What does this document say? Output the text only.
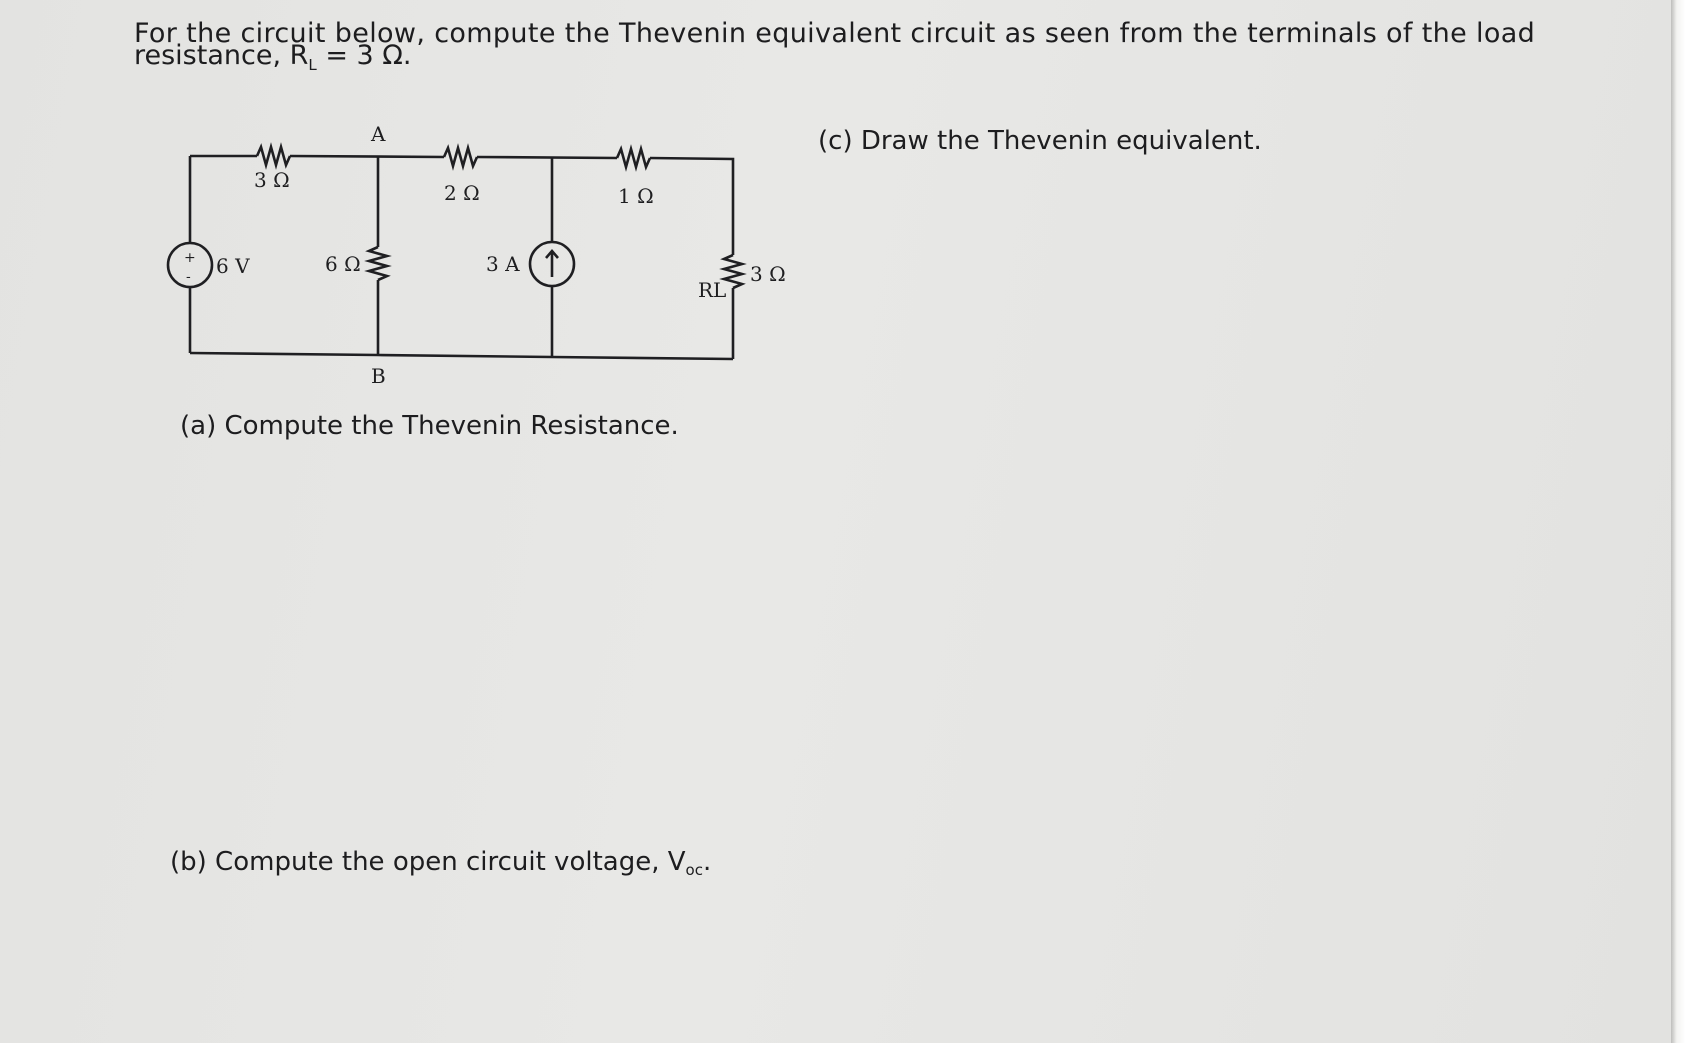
For the circuit below, compute the Thevenin equivalent circuit as seen from the terminals of the load
resistance, $R_L = 3$ Ω.
(c) Draw the Thevenin equivalent.
(a) Compute the Thevenin Resistance.
(b) Compute the open circuit voltage, $V_{oc}$.
+
-
A
B
3 Ω
2 Ω	1 Ω
6 Ω
6 V	3 A
RL
3 Ω
